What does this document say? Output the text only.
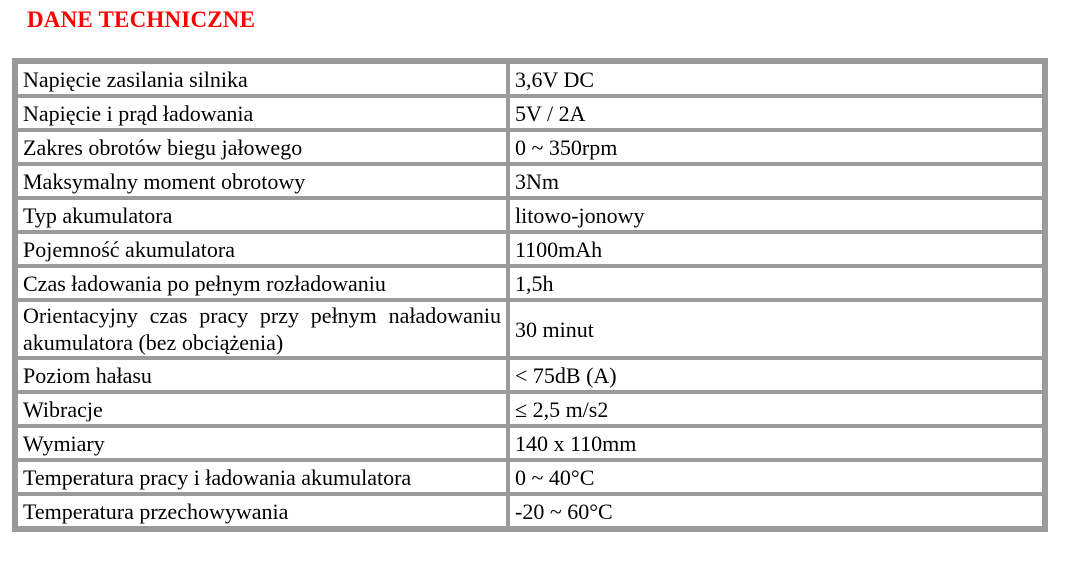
DANE TECHNICZNE
Napięcie zasilania silnika	3,6V DC
Napięcie i prąd ładowania	5V / 2A
Zakres obrotów biegu jałowego	0 ~ 350rpm
Maksymalny moment obrotowy	3Nm
Typ akumulatora	litowo-jonowy
Pojemność akumulatora	1100mAh
Czas ładowania po pełnym rozładowaniu	1,5h
Orientacyjny czas pracy przy pełnym naładowaniu akumulatora (bez obciążenia)	30 minut
Poziom hałasu	< 75dB (A)
Wibracje	≤ 2,5 m/s2
Wymiary	140 x 110mm
Temperatura pracy i ładowania akumulatora	0 ~ 40°C
Temperatura przechowywania	-20 ~ 60°C
